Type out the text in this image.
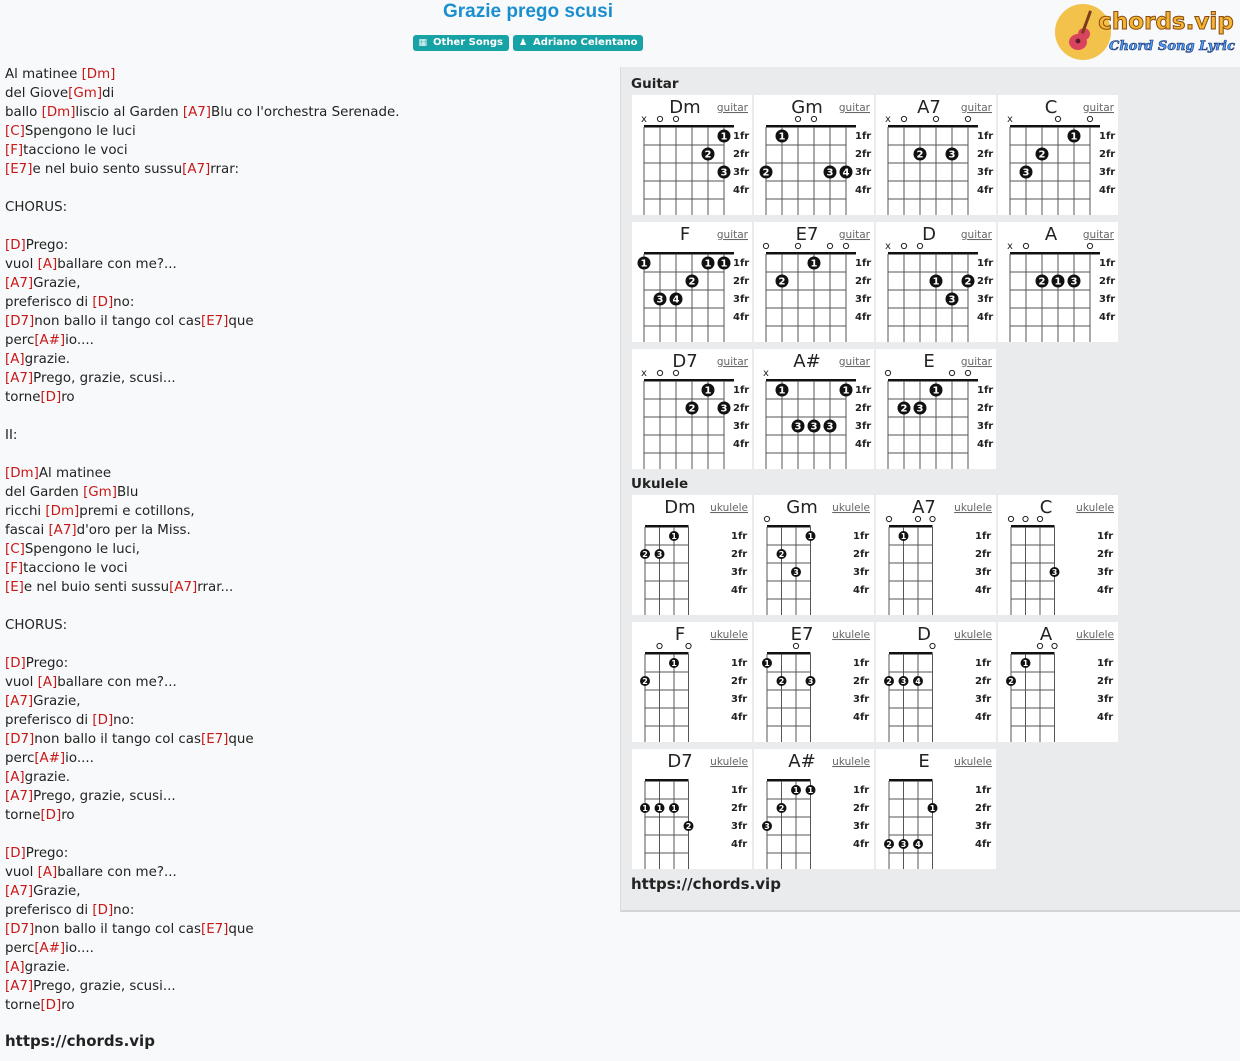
Grazie prego scusi
▦ Other Songs ♟ Adriano Celentano
chords.vip
Chord Song Lyric
Al matinee [Dm]
del Giove[Gm]di
ballo [Dm]liscio al Garden [A7]Blu co l'orchestra Serenade.
[C]Spengono le luci
[F]tacciono le voci
[E7]e nel buio sento sussu[A7]rrar:

CHORUS:

[D]Prego:
vuol [A]ballare con me?...
[A7]Grazie,
preferisco di [D]no:
[D7]non ballo il tango col cas[E7]que
perc[A#]io....
[A]grazie.
[A7]Prego, grazie, scusi...
torne[D]ro

II:

[Dm]Al matinee
del Garden [Gm]Blu
ricchi [Dm]premi e cotillons,
fascai [A7]d'oro per la Miss.
[C]Spengono le luci,
[F]tacciono le voci
[E]e nel buio senti sussu[A7]rrar...

CHORUS:

[D]Prego:
vuol [A]ballare con me?...
[A7]Grazie,
preferisco di [D]no:
[D7]non ballo il tango col cas[E7]que
perc[A#]io....
[A]grazie.
[A7]Prego, grazie, scusi...
torne[D]ro

[D]Prego:
vuol [A]ballare con me?...
[A7]Grazie,
preferisco di [D]no:
[D7]non ballo il tango col cas[E7]que
perc[A#]io....
[A]grazie.
[A7]Prego, grazie, scusi...
torne[D]ro
https://chords.vip
Guitar
Dm guitar
1fr
2fr
3fr
4fr
x
1
2
3
Gm guitar
1fr
2fr
3fr
4fr
1
2	3 4
A7 guitar
1fr
2fr
3fr
4fr
x
2	3
C guitar
1fr
2fr
3fr
4fr
x
1
2
3
F	guitar
1fr
2fr
3fr
4fr
1	1 1
2
3 4
E7 guitar
1fr
2fr
3fr
4fr
1
2
D guitar
1fr
2fr
3fr
4fr
x
1	2
3
A guitar
1fr
2fr
3fr
4fr
x
2 1 3
D7 guitar
1fr
2fr
3fr
4fr
x
1
2	3
A# guitar
1fr
2fr
3fr
4fr
x
1	1
3 3 3
E guitar
1fr
2fr
3fr
4fr
1
2 3
Ukulele
Dm ukulele
1fr
2fr
3fr
4fr
1
2 3
Gm ukulele
1fr
2fr
3fr
4fr
1
2
3
A7 ukulele
1fr
2fr
3fr
4fr
1
C ukulele
1fr
2fr
3fr
4fr
3
F ukulele
1fr
2fr
3fr
4fr
1
2
E7 ukulele
1fr
2fr
3fr
4fr
1
2	3
D ukulele
1fr
2fr
3fr
4fr
2 3 4
A ukulele
1fr
2fr
3fr
4fr
1
2
D7 ukulele
1fr
2fr
3fr
4fr
1 1 1
2
A# ukulele
1fr
2fr
3fr
4fr
1 1
2
3
E ukulele
1fr
2fr
3fr
4fr
1
2 3 4
https://chords.vip
